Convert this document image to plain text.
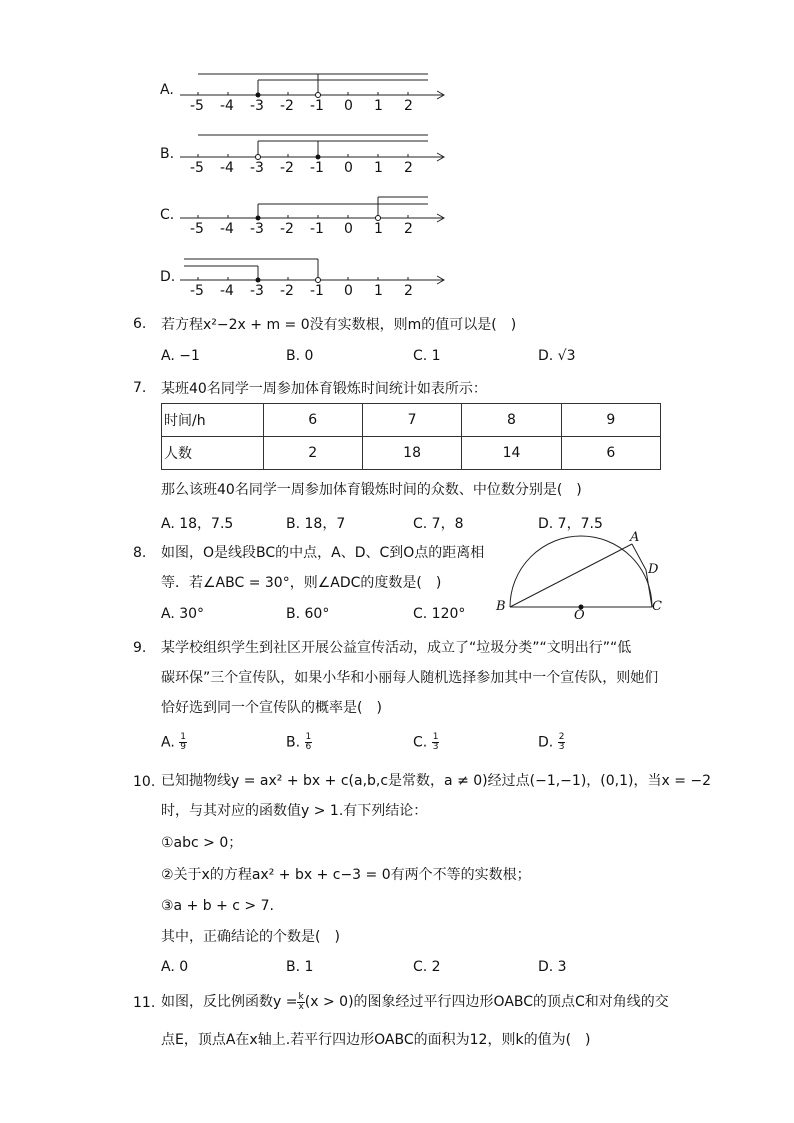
A.
-5 -4 -3 -2 -1 0 1 2
B.
-5 -4 -3 -2 -1 0 1 2
C.
-5 -4 -3 -2 -1 0 1 2
D.
-5 -4 -3 -2 -1 0 1 2
6. 若方程x²−2x + m = 0没有实数根，则m的值可以是(　)
A. −1	B. 0	C. 1	D. √3
7. 某班40名同学一周参加体育锻炼时间统计如表所示：
时间/h	6	7	8	9
人数	2	18	14	6
那么该班40名同学一周参加体育锻炼时间的众数、中位数分别是(　)
A. 18，7.5	B. 18，7	C. 7，8	D. 7，7.5
8. 如图，O是线段BC的中点，A、D、C到O点的距离相
等．若∠ABC = 30°，则∠ADC的度数是(　)
A. 30°	B. 60°	C. 120°
A
B	C
D
O
9. 某学校组织学生到社区开展公益宣传活动，成立了“垃圾分类”“文明出行”“低
碳环保”三个宣传队，如果小华和小丽每人随机选择参加其中一个宣传队，则她们
恰好选到同一个宣传队的概率是(　)
A. $\frac{1}{9}$	B. $\frac{1}{6}$	C. $\frac{1}{3}$	D. $\frac{2}{3}$
10. 已知抛物线y = ax² + bx + c(a,b,c是常数，a ≠ 0)经过点(−1,−1)，(0,1)，当x = −2
时，与其对应的函数值y > 1.有下列结论：
①abc > 0；
②关于x的方程ax² + bx + c−3 = 0有两个不等的实数根；
③a + b + c > 7.
其中，正确结论的个数是(　)
A. 0	B. 1	C. 2	D. 3
11. 如图，反比例函数$y = \frac{k}{x} (x > 0)$的图象经过平行四边形OABC的顶点C和对角线的交
点E，顶点A在x轴上.若平行四边形OABC的面积为12，则k的值为(　)
